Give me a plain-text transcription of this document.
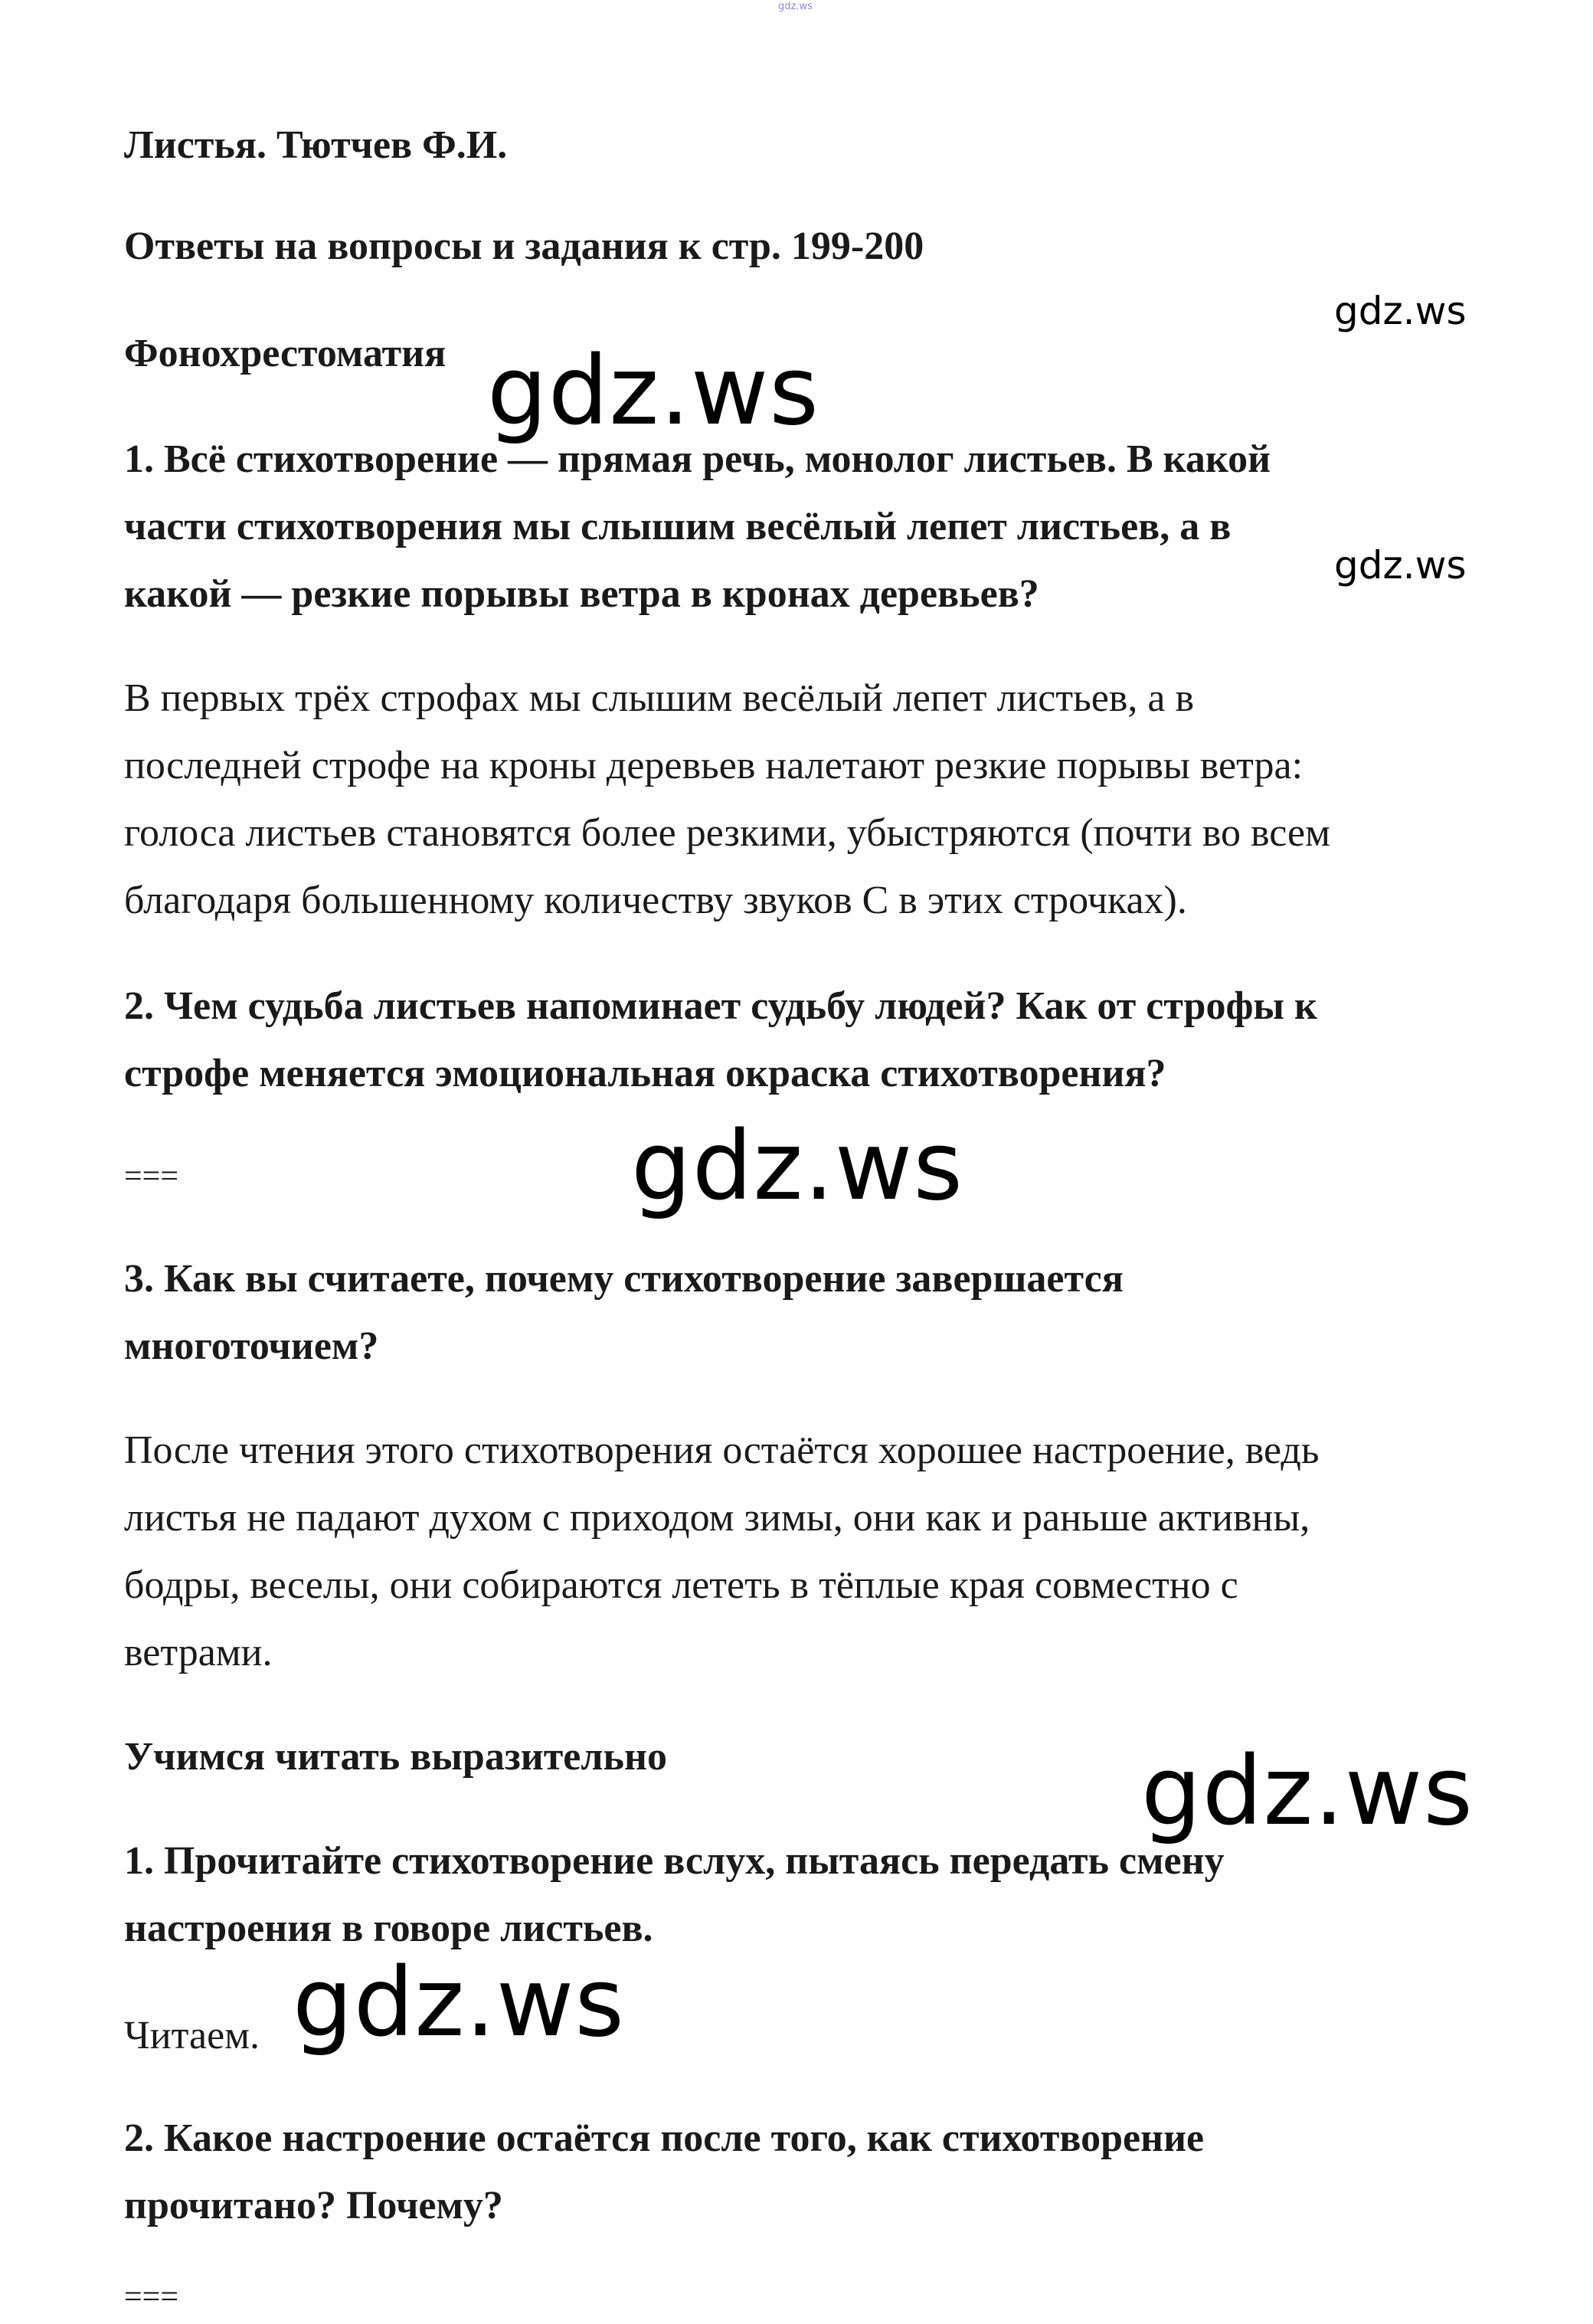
gdz.ws

Листья. Тютчев Ф.И.

Ответы на вопросы и задания к стр. 199-200

Фонохрестоматия

1. Всё стихотворение — прямая речь, монолог листьев. В какой

части стихотворения мы слышим весёлый лепет листьев, а в

какой — резкие порывы ветра в кронах деревьев?

В первых трёх строфах мы слышим весёлый лепет листьев, а в

последней строфе на кроны деревьев налетают резкие порывы ветра:

голоса листьев становятся более резкими, убыстряются (почти во всем

благодаря большенному количеству звуков С в этих строчках).

2. Чем судьба листьев напоминает судьбу людей? Как от строфы к

строфе меняется эмоциональная окраска стихотворения?

===

3. Как вы считаете, почему стихотворение завершается

многоточием?

После чтения этого стихотворения остаётся хорошее настроение, ведь

листья не падают духом с приходом зимы, они как и раньше активны,

бодры, веселы, они собираются лететь в тёплые края совместно с

ветрами.

Учимся читать выразительно

1. Прочитайте стихотворение вслух, пытаясь передать смену

настроения в говоре листьев.

Читаем.

2. Какое настроение остаётся после того, как стихотворение

прочитано? Почему?

===

gdz.ws
gdz.ws
gdz.ws
gdz.ws
gdz.ws
gdz.ws
